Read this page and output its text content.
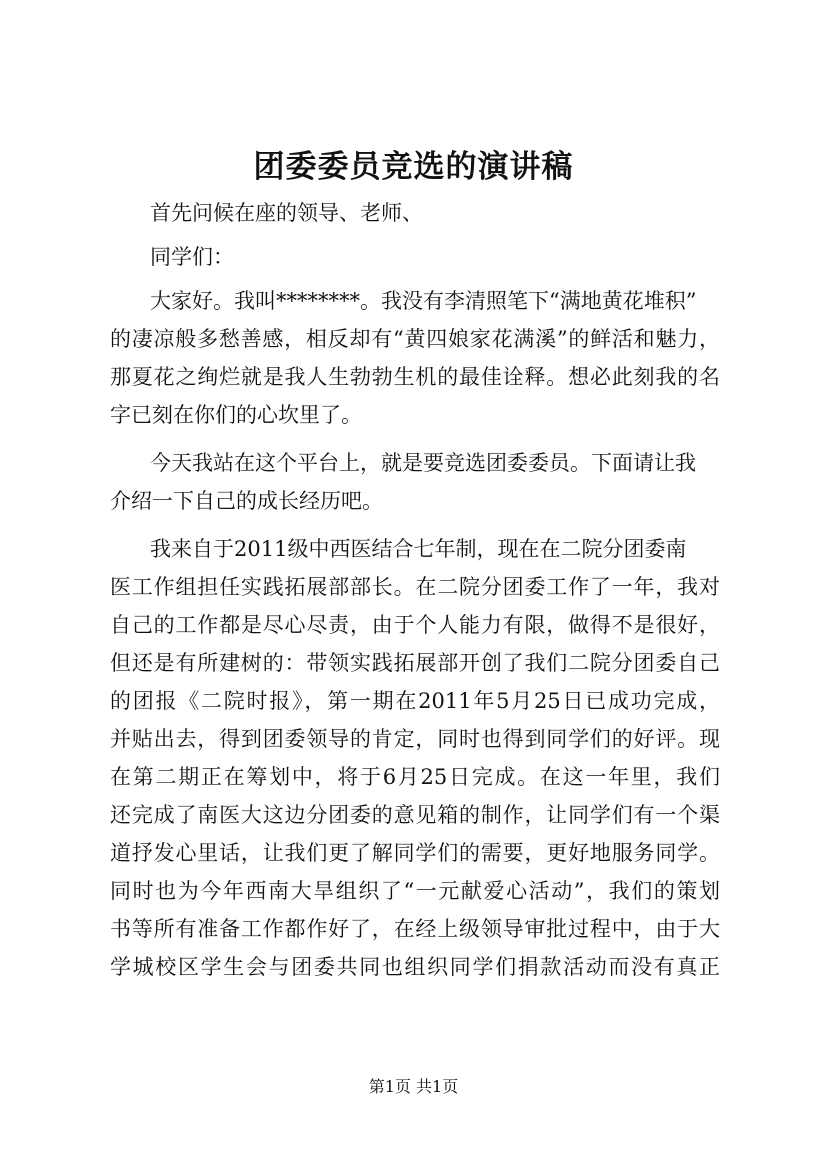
团委委员竞选的演讲稿

首先问候在座的领导、老师、

同学们：

大家好。我叫********。我没有李清照笔下“满地黄花堆积”

的凄凉般多愁善感，相反却有“黄四娘家花满溪”的鲜活和魅力，

那夏花之绚烂就是我人生勃勃生机的最佳诠释。想必此刻我的名

字已刻在你们的心坎里了。

今天我站在这个平台上，就是要竞选团委委员。下面请让我

介绍一下自己的成长经历吧。

我来自于2011级中西医结合七年制，现在在二院分团委南

医工作组担任实践拓展部部长。在二院分团委工作了一年，我对

自己的工作都是尽心尽责，由于个人能力有限，做得不是很好，

但还是有所建树的：带领实践拓展部开创了我们二院分团委自己

的团报《二院时报》，第一期在2011年5月25日已成功完成，

并贴出去，得到团委领导的肯定，同时也得到同学们的好评。现

在第二期正在筹划中，将于6月25日完成。在这一年里，我们

还完成了南医大这边分团委的意见箱的制作，让同学们有一个渠

道抒发心里话，让我们更了解同学们的需要，更好地服务同学。

同时也为今年西南大旱组织了“一元献爱心活动”，我们的策划

书等所有准备工作都作好了，在经上级领导审批过程中，由于大

学城校区学生会与团委共同也组织同学们捐款活动而没有真正

第1页 共1页
